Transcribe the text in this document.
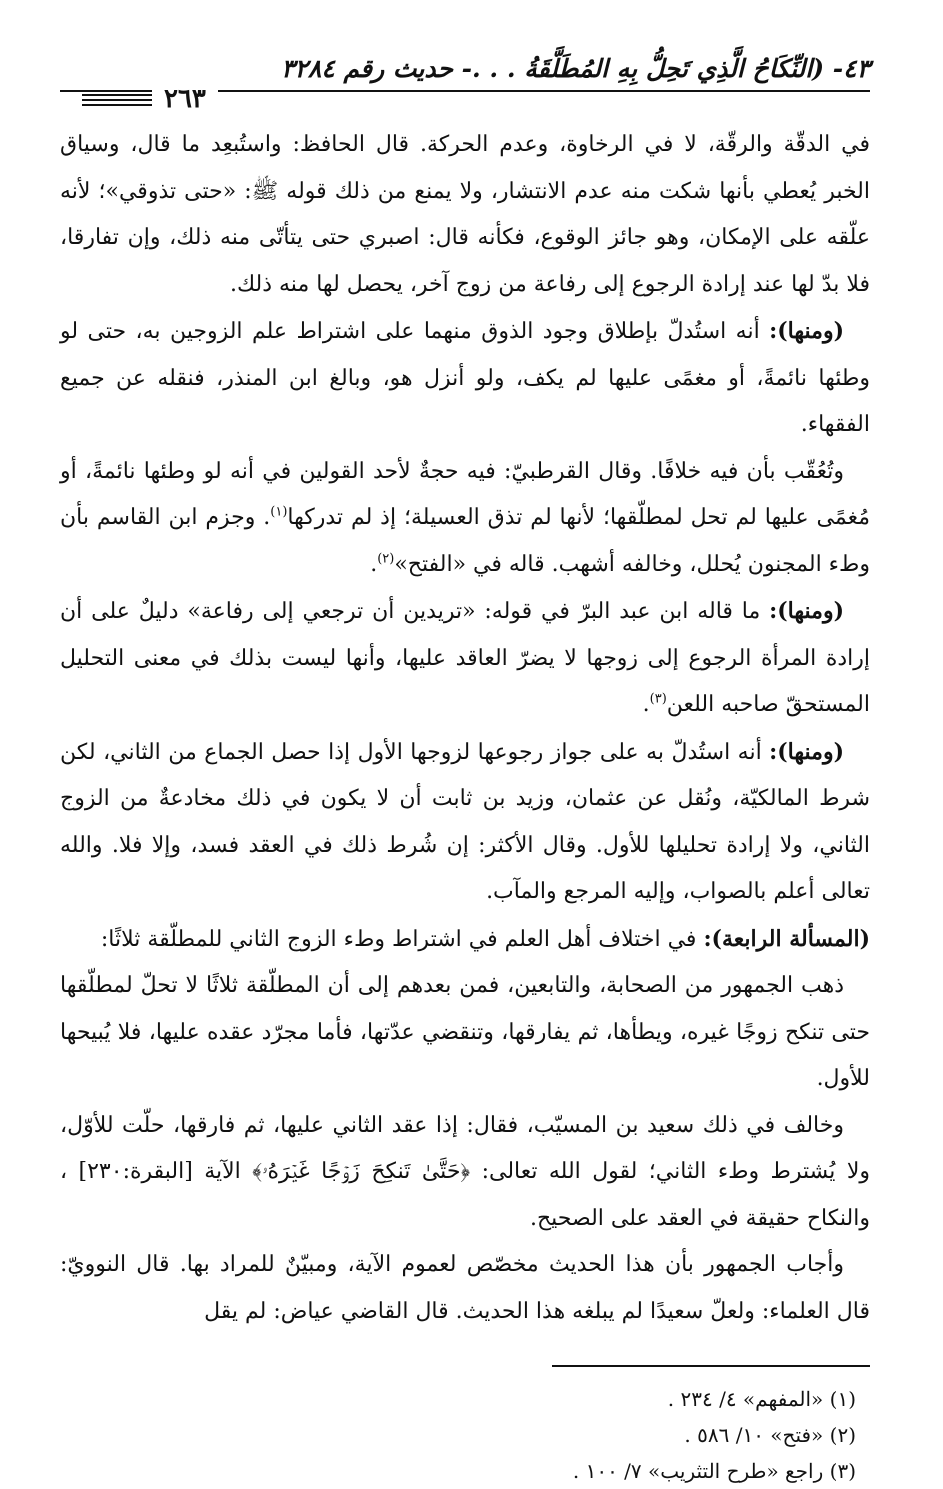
٤٣- (النِّكَاحُ الَّذِي تَحِلُّ بِهِ المُطَلَّقَةُ . . .- حديث رقم ٣٢٨٤
٢٦٣

في الدقّة والرقّة، لا في الرخاوة، وعدم الحركة. قال الحافظ: واستُبعِد ما قال، وسياق الخبر يُعطي بأنها شكت منه عدم الانتشار، ولا يمنع من ذلك قوله ﷺ: «حتى تذوقي»؛ لأنه علّقه على الإمكان، وهو جائز الوقوع، فكأنه قال: اصبري حتى يتأتّى منه ذلك، وإن تفارقا، فلا بدّ لها عند إرادة الرجوع إلى رفاعة من زوج آخر، يحصل لها منه ذلك.

(ومنها): أنه استُدلّ بإطلاق وجود الذوق منهما على اشتراط علم الزوجين به، حتى لو وطئها نائمةً، أو مغمًى عليها لم يكف، ولو أنزل هو، وبالغ ابن المنذر، فنقله عن جميع الفقهاء.

وتُعُقّب بأن فيه خلافًا. وقال القرطبيّ: فيه حجةٌ لأحد القولين في أنه لو وطئها نائمةً، أو مُغمًى عليها لم تحل لمطلّقها؛ لأنها لم تذق العسيلة؛ إذ لم تدركها$^{(١)}$. وجزم ابن القاسم بأن وطء المجنون يُحلل، وخالفه أشهب. قاله في «الفتح»$^{(٢)}$.

(ومنها): ما قاله ابن عبد البرّ في قوله: «تريدين أن ترجعي إلى رفاعة» دليلٌ على أن إرادة المرأة الرجوع إلى زوجها لا يضرّ العاقد عليها، وأنها ليست بذلك في معنى التحليل المستحقّ صاحبه اللعن$^{(٣)}$.

(ومنها): أنه استُدلّ به على جواز رجوعها لزوجها الأول إذا حصل الجماع من الثاني، لكن شرط المالكيّة، ونُقل عن عثمان، وزيد بن ثابت أن لا يكون في ذلك مخادعةٌ من الزوج الثاني، ولا إرادة تحليلها للأول. وقال الأكثر: إن شُرط ذلك في العقد فسد، وإلا فلا. والله تعالى أعلم بالصواب، وإليه المرجع والمآب.

(المسألة الرابعة): في اختلاف أهل العلم في اشتراط وطء الزوج الثاني للمطلّقة ثلاثًا:

ذهب الجمهور من الصحابة، والتابعين، فمن بعدهم إلى أن المطلّقة ثلاثًا لا تحلّ لمطلّقها حتى تنكح زوجًا غيره، ويطأها، ثم يفارقها، وتنقضي عدّتها، فأما مجرّد عقده عليها، فلا يُبيحها للأول.

وخالف في ذلك سعيد بن المسيّب، فقال: إذا عقد الثاني عليها، ثم فارقها، حلّت للأوّل، ولا يُشترط وطء الثاني؛ لقول الله تعالى: ﴿حَتَّىٰ تَنكِحَ زَوۡجًا غَيۡرَهُۥ﴾ الآية [البقرة:٢٣٠] ، والنكاح حقيقة في العقد على الصحيح.

وأجاب الجمهور بأن هذا الحديث مخصّص لعموم الآية، ومبيّنٌ للمراد بها. قال النوويّ: قال العلماء: ولعلّ سعيدًا لم يبلغه هذا الحديث. قال القاضي عياض: لم يقل

(١) «المفهم» ٤/ ٢٣٤ .

(٢) «فتح» ١٠/ ٥٨٦ .

(٣) راجع «طرح التثريب» ٧/ ١٠٠ .
